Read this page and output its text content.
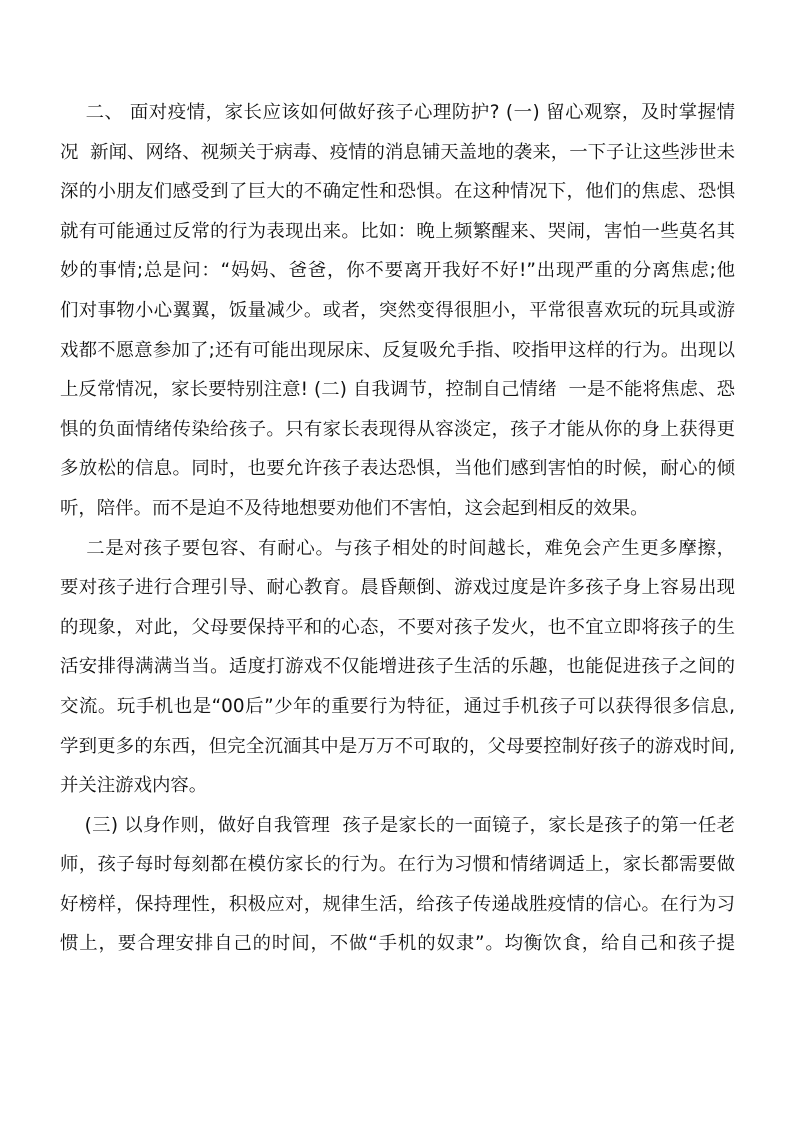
二、 面对疫情，家长应该如何做好孩子心理防护? (一) 留心观察，及时掌握情
况  新闻、网络、视频关于病毒、疫情的消息铺天盖地的袭来，一下子让这些涉世未
深的小朋友们感受到了巨大的不确定性和恐惧。在这种情况下，他们的焦虑、恐惧
就有可能通过反常的行为表现出来。比如：晚上频繁醒来、哭闹，害怕一些莫名其
妙的事情;总是问：“妈妈、爸爸，你不要离开我好不好!”出现严重的分离焦虑;他
们对事物小心翼翼，饭量减少。或者，突然变得很胆小，平常很喜欢玩的玩具或游
戏都不愿意参加了;还有可能出现尿床、反复吸允手指、咬指甲这样的行为。出现以
上反常情况，家长要特别注意! (二) 自我调节，控制自己情绪  一是不能将焦虑、恐
惧的负面情绪传染给孩子。只有家长表现得从容淡定，孩子才能从你的身上获得更
多放松的信息。同时，也要允许孩子表达恐惧，当他们感到害怕的时候，耐心的倾
听，陪伴。而不是迫不及待地想要劝他们不害怕，这会起到相反的效果。
二是对孩子要包容、有耐心。与孩子相处的时间越长，难免会产生更多摩擦，
要对孩子进行合理引导、耐心教育。晨昏颠倒、游戏过度是许多孩子身上容易出现
的现象，对此，父母要保持平和的心态，不要对孩子发火，也不宜立即将孩子的生
活安排得满满当当。适度打游戏不仅能增进孩子生活的乐趣，也能促进孩子之间的
交流。玩手机也是“00后”少年的重要行为特征，通过手机孩子可以获得很多信息,
学到更多的东西，但完全沉湎其中是万万不可取的，父母要控制好孩子的游戏时间,
并关注游戏内容。
(三) 以身作则，做好自我管理  孩子是家长的一面镜子，家长是孩子的第一任老
师，孩子每时每刻都在模仿家长的行为。在行为习惯和情绪调适上，家长都需要做
好榜样，保持理性，积极应对，规律生活，给孩子传递战胜疫情的信心。在行为习
惯上，要合理安排自己的时间，不做“手机的奴隶”。均衡饮食，给自己和孩子提
